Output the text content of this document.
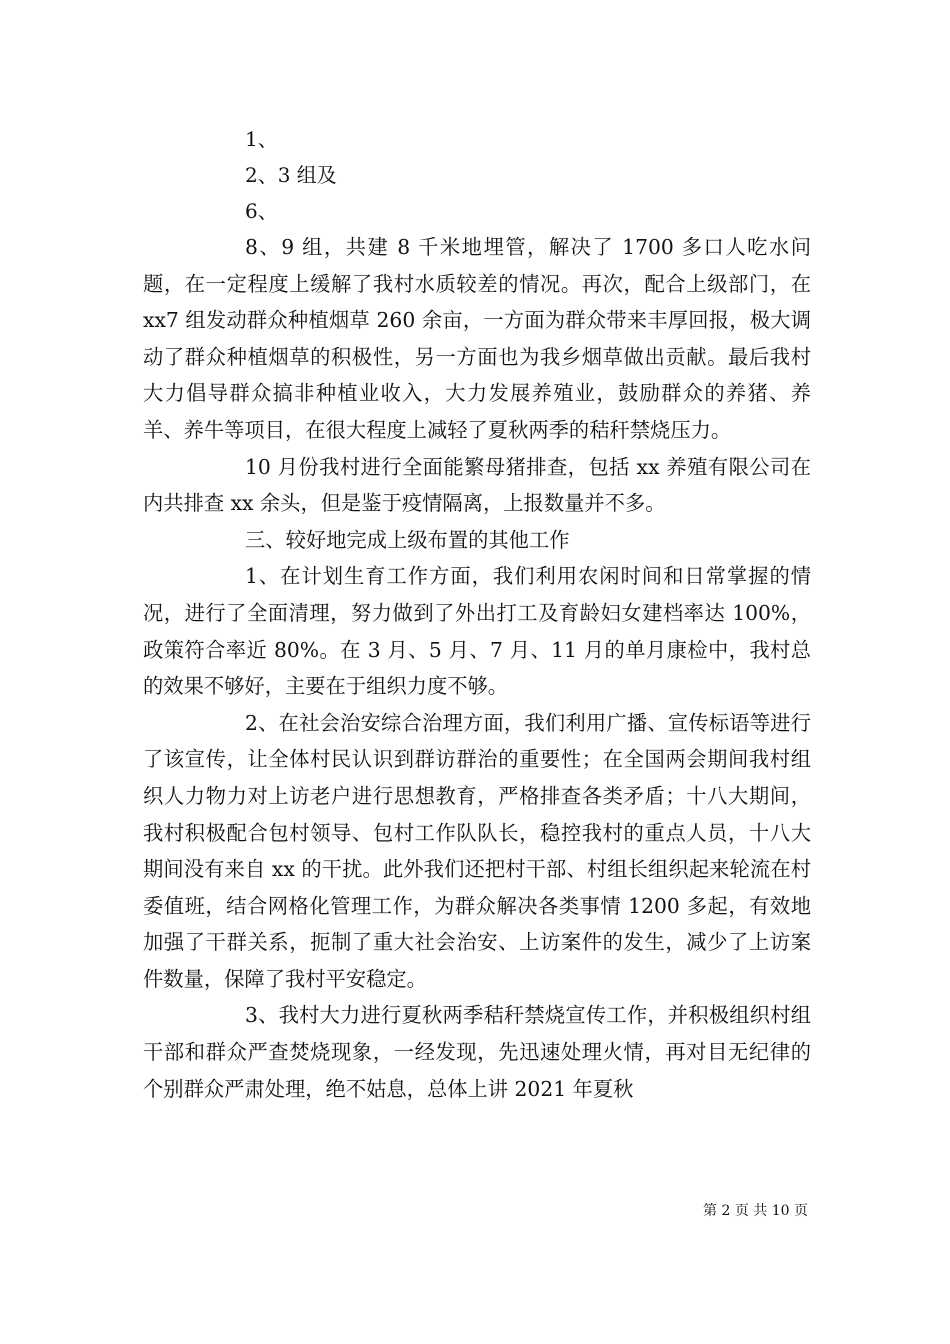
1、
2、3 组及
6、

8、9 组，共建 8 千米地埋管，解决了 1700 多口人吃水问题，在一定程度上缓解了我村水质较差的情况。再次，配合上级部门，在 xx7 组发动群众种植烟草 260 余亩，一方面为群众带来丰厚回报，极大调动了群众种植烟草的积极性，另一方面也为我乡烟草做出贡献。最后我村大力倡导群众搞非种植业收入，大力发展养殖业，鼓励群众的养猪、养羊、养牛等项目，在很大程度上减轻了夏秋两季的秸秆禁烧压力。

10 月份我村进行全面能繁母猪排查，包括 xx 养殖有限公司在内共排查 xx 余头，但是鉴于疫情隔离，上报数量并不多。

三、较好地完成上级布置的其他工作

1、在计划生育工作方面，我们利用农闲时间和日常掌握的情况，进行了全面清理，努力做到了外出打工及育龄妇女建档率达 100%，政策符合率近 80%。在 3 月、5 月、7 月、11 月的单月康检中，我村总的效果不够好，主要在于组织力度不够。

2、在社会治安综合治理方面，我们利用广播、宣传标语等进行了该宣传，让全体村民认识到群访群治的重要性；在全国两会期间我村组织人力物力对上访老户进行思想教育，严格排查各类矛盾；十八大期间，我村积极配合包村领导、包村工作队队长，稳控我村的重点人员，十八大期间没有来自 xx 的干扰。此外我们还把村干部、村组长组织起来轮流在村委值班，结合网格化管理工作，为群众解决各类事情 1200 多起，有效地加强了干群关系，扼制了重大社会治安、上访案件的发生，减少了上访案件数量，保障了我村平安稳定。

3、我村大力进行夏秋两季秸秆禁烧宣传工作，并积极组织村组干部和群众严查焚烧现象，一经发现，先迅速处理火情，再对目无纪律的个别群众严肃处理，绝不姑息，总体上讲 2021 年夏秋

第 2 页 共 10 页
